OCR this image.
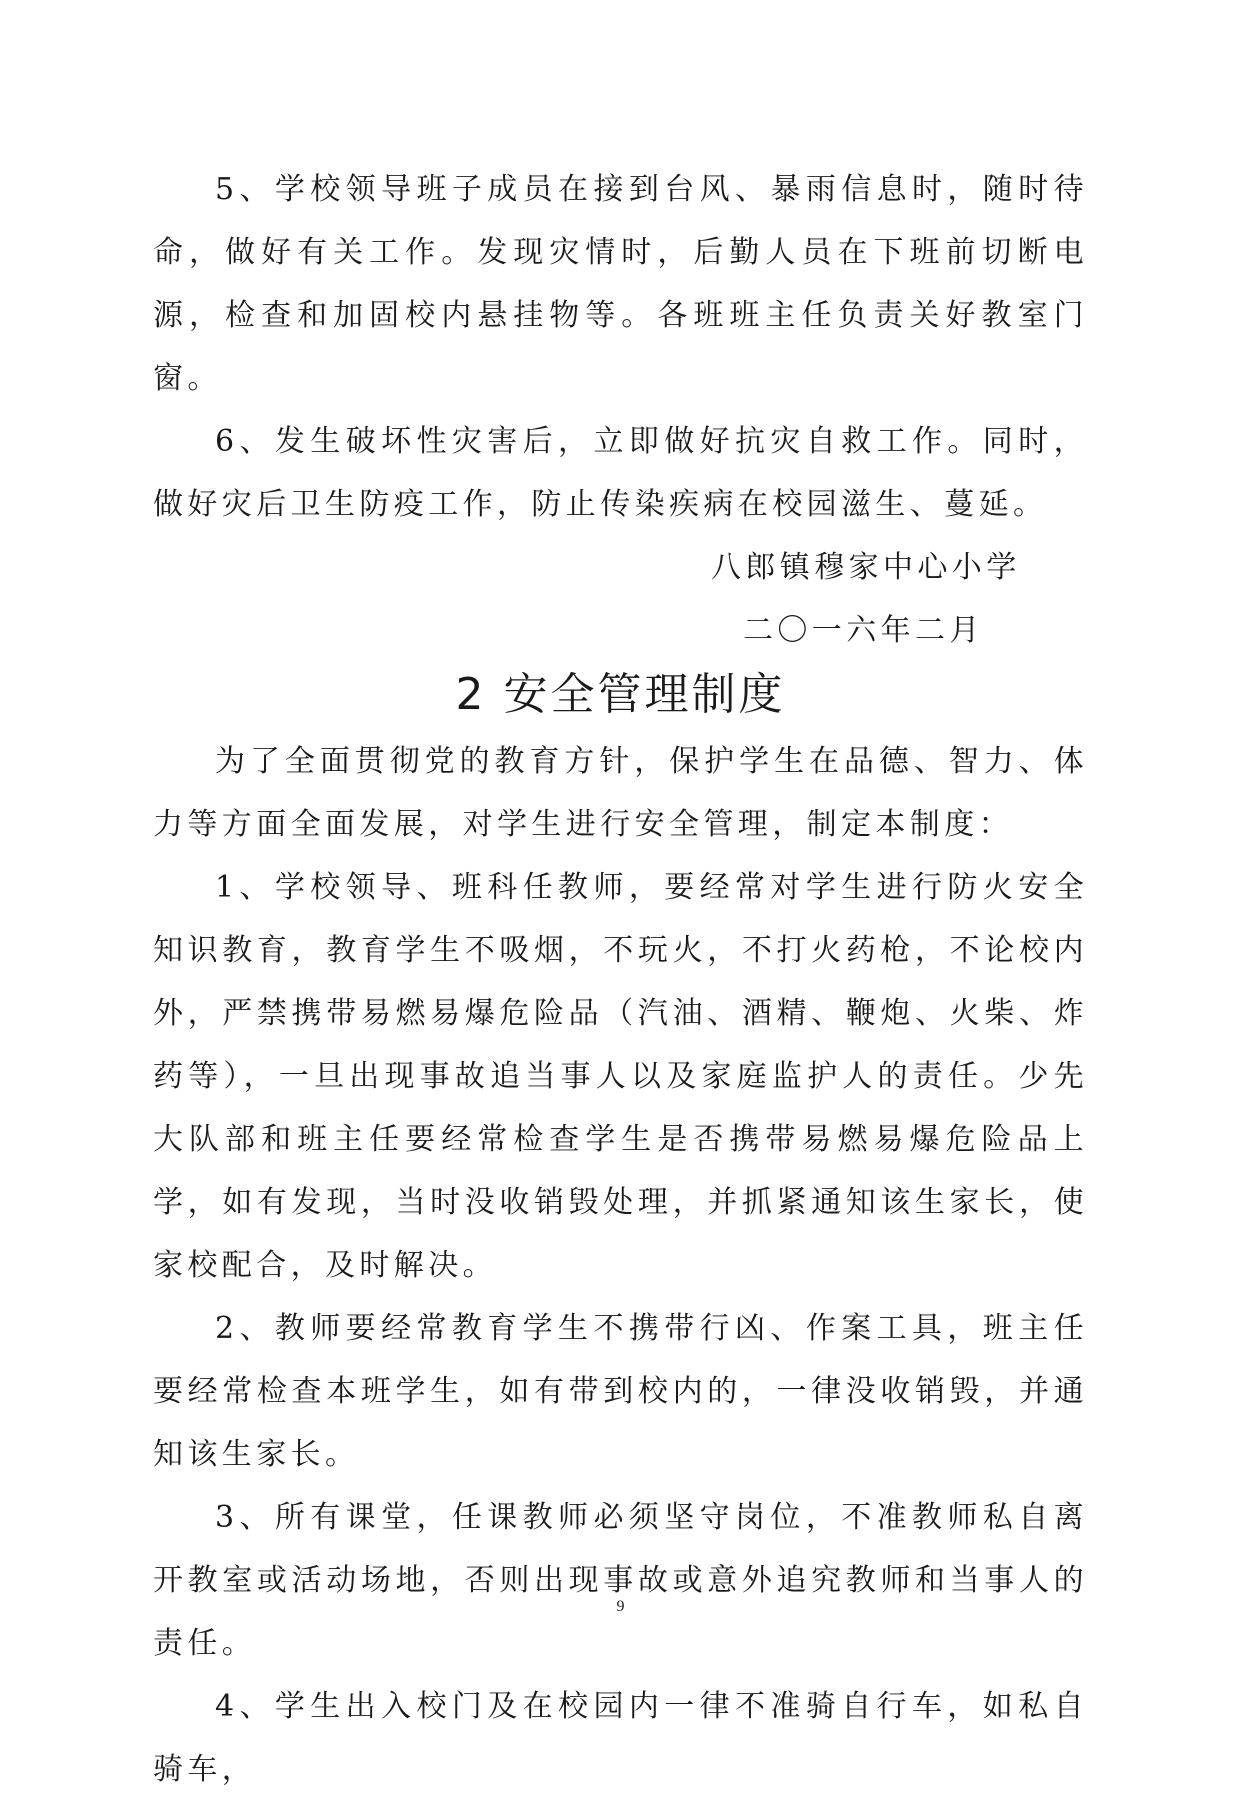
5、学校领导班子成员在接到台风、暴雨信息时，随时待命，做好有关工作。发现灾情时，后勤人员在下班前切断电源，检查和加固校内悬挂物等。各班班主任负责关好教室门窗。

6、发生破坏性灾害后，立即做好抗灾自救工作。同时，做好灾后卫生防疫工作，防止传染疾病在校园滋生、蔓延。

八郎镇穆家中心小学

二〇一六年二月

2 安全管理制度

为了全面贯彻党的教育方针，保护学生在品德、智力、体力等方面全面发展，对学生进行安全管理，制定本制度：

1、学校领导、班科任教师，要经常对学生进行防火安全知识教育，教育学生不吸烟，不玩火，不打火药枪，不论校内外，严禁携带易燃易爆危险品（汽油、酒精、鞭炮、火柴、炸药等），一旦出现事故追当事人以及家庭监护人的责任。少先大队部和班主任要经常检查学生是否携带易燃易爆危险品上学，如有发现，当时没收销毁处理，并抓紧通知该生家长，使家校配合，及时解决。

2、教师要经常教育学生不携带行凶、作案工具，班主任要经常检查本班学生，如有带到校内的，一律没收销毁，并通知该生家长。

3、所有课堂，任课教师必须坚守岗位，不准教师私自离开教室或活动场地，否则出现事故或意外追究教师和当事人的责任。

4、学生出入校门及在校园内一律不准骑自行车，如私自骑车，

9
